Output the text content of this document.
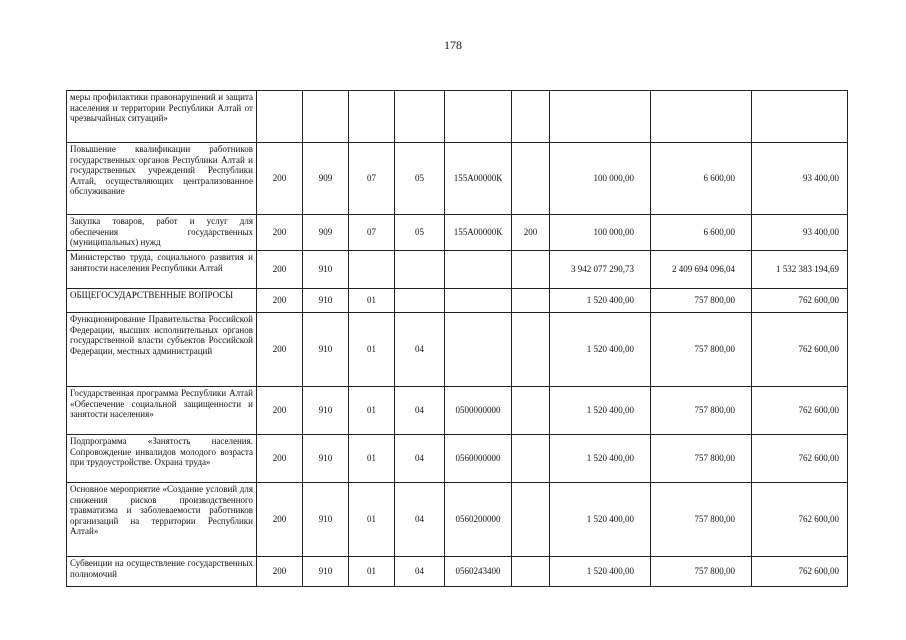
178
меры профилактики правонарушений и защита населения и территории Республики Алтай от чрезвычайных ситуаций»									
Повышение квалификации работников государственных органов Республики Алтай и государственных учреждений Республики Алтай, осуществляющих централизованное обслуживание	200	909	07	05	155А00000К		100 000,00	6 600,00	93 400,00
Закупка товаров, работ и услуг для обеспечения государственных (муниципальных) нужд	200	909	07	05	155А00000К	200	100 000,00	6 600,00	93 400,00
Министерство труда, социального развития и занятости населения Республики Алтай	200	910					3 942 077 290,73	2 409 694 096,04	1 532 383 194,69
ОБЩЕГОСУДАРСТВЕННЫЕ ВОПРОСЫ	200	910	01				1 520 400,00	757 800,00	762 600,00
Функционирование Правительства Российской Федерации, высших исполнительных органов государственной власти субъектов Российской Федерации, местных администраций	200	910	01	04			1 520 400,00	757 800,00	762 600,00
Государственная программа Республики Алтай «Обеспечение социальной защищенности и занятости населения»	200	910	01	04	0500000000		1 520 400,00	757 800,00	762 600,00
Подпрограмма «Занятость населения. Сопровождение инвалидов молодого возраста при трудоустройстве. Охрана труда»	200	910	01	04	0560000000		1 520 400,00	757 800,00	762 600,00
Основное мероприятие «Создание условий для снижения рисков производственного травматизма и заболеваемости работников организаций на территории Республики Алтай»	200	910	01	04	0560200000		1 520 400,00	757 800,00	762 600,00
Субвенции на осуществление государственных полномочий	200	910	01	04	0560243400		1 520 400,00	757 800,00	762 600,00
